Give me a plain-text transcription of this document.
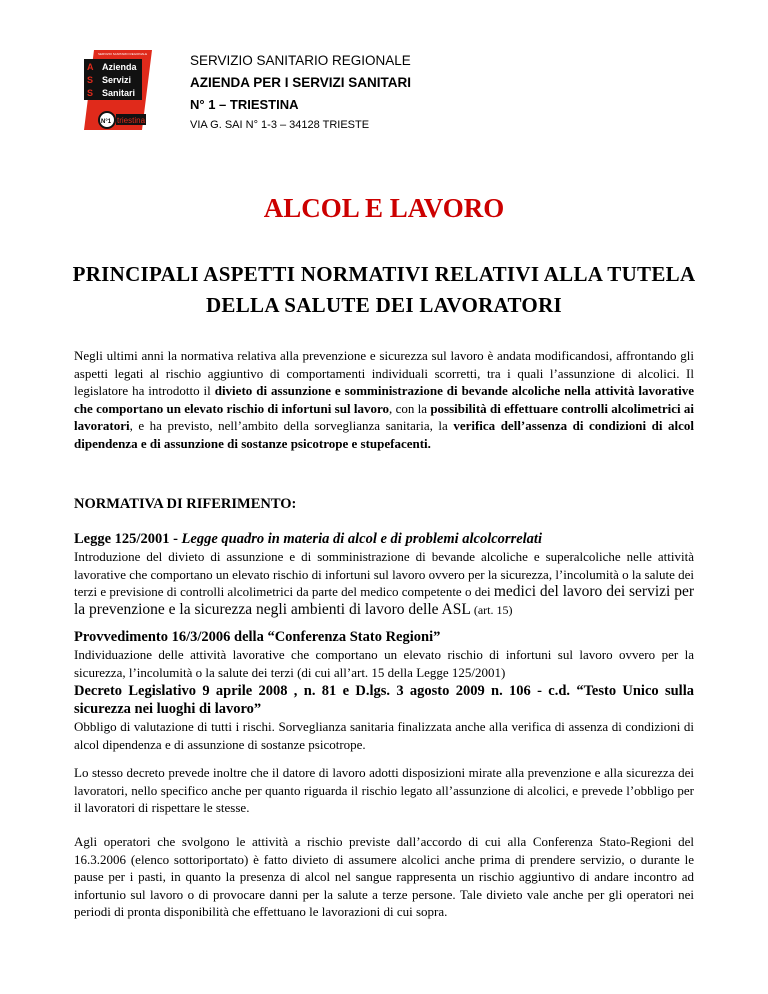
SERVIZIO SANITARIO REGIONALE
A
S
S
Azienda
Servizi
Sanitari
N°1 triestina
SERVIZIO SANITARIO REGIONALE
AZIENDA PER I SERVIZI SANITARI
N° 1 – TRIESTINA
VIA G. SAI N° 1-3 – 34128 TRIESTE
ALCOL E LAVORO
PRINCIPALI ASPETTI NORMATIVI RELATIVI ALLA TUTELA DELLA SALUTE DEI LAVORATORI
Negli ultimi anni la normativa relativa alla prevenzione e sicurezza sul lavoro è andata modificandosi, affrontando gli aspetti legati al rischio aggiuntivo di comportamenti individuali scorretti, tra i quali l’assunzione di alcolici. Il legislatore ha introdotto il divieto di assunzione e somministrazione di bevande alcoliche nella attività lavorative che comportano un elevato rischio di infortuni sul lavoro, con la possibilità di effettuare controlli alcolimetrici ai lavoratori, e ha previsto, nell’ambito della sorveglianza sanitaria, la verifica dell’assenza di condizioni di alcol dipendenza e di assunzione di sostanze psicotrope e stupefacenti.
NORMATIVA DI RIFERIMENTO:
Legge 125/2001 - Legge quadro in materia di alcol e di problemi alcolcorrelati
Introduzione del divieto di assunzione e di somministrazione di bevande alcoliche e superalcoliche nelle attività lavorative che comportano un elevato rischio di infortuni sul lavoro ovvero per la sicurezza, l’incolumità o la salute dei terzi e previsione di controlli alcolimetrici da parte del medico competente o dei medici del lavoro dei servizi per la prevenzione e la sicurezza negli ambienti di lavoro delle ASL (art. 15)
Provvedimento 16/3/2006 della “Conferenza Stato Regioni”
Individuazione delle attività lavorative che comportano un elevato rischio di infortuni sul lavoro ovvero per la sicurezza, l’incolumità o la salute dei terzi (di cui all’art. 15 della Legge 125/2001)
Decreto Legislativo 9 aprile 2008 , n. 81 e D.lgs. 3 agosto 2009 n. 106 - c.d. “Testo Unico sulla sicurezza nei luoghi di lavoro”
Obbligo di valutazione di tutti i rischi. Sorveglianza sanitaria finalizzata anche alla verifica di assenza di condizioni di alcol dipendenza e di assunzione di sostanze psicotrope.
Lo stesso decreto prevede inoltre che il datore di lavoro adotti disposizioni mirate alla prevenzione e alla sicurezza dei lavoratori, nello specifico anche per quanto riguarda il rischio legato all’assunzione di alcolici, e prevede l’obbligo per il lavoratori di rispettare le stesse.
Agli operatori che svolgono le attività a rischio previste dall’accordo di cui alla Conferenza Stato-Regioni del 16.3.2006 (elenco sottoriportato) è fatto divieto di assumere alcolici anche prima di prendere servizio, o durante le pause per i pasti, in quanto la presenza di alcol nel sangue rappresenta un rischio aggiuntivo di andare incontro ad infortunio sul lavoro o di provocare danni per la salute a terze persone. Tale divieto vale anche per gli operatori nei periodi di pronta disponibilità che effettuano le lavorazioni di cui sopra.
